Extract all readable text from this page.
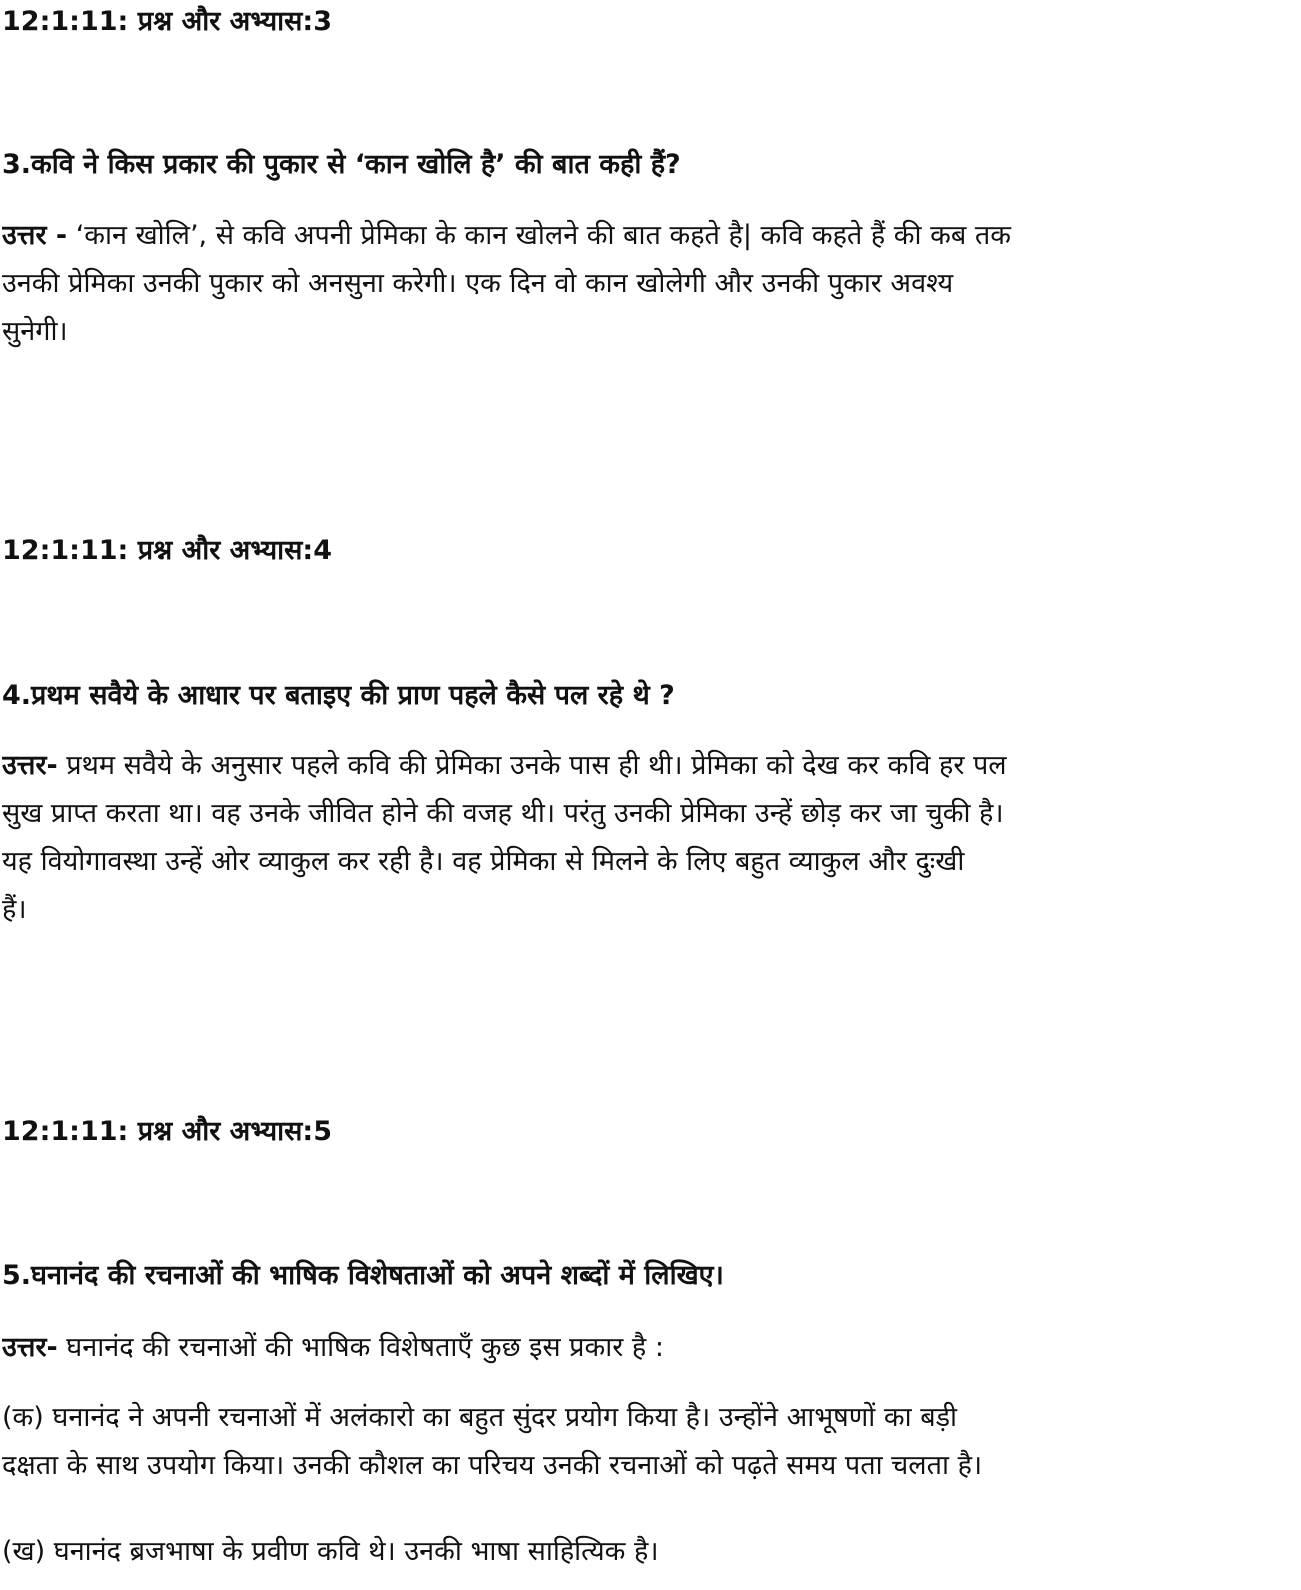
12:1:11: प्रश्न और अभ्यास:3

3.कवि ने किस प्रकार की पुकार से ‘कान खोलि है’ की बात कही हैं?

उत्तर - ‘कान खोलि’, से कवि अपनी प्रेमिका के कान खोलने की बात कहते है| कवि कहते हैं की कब तक
उनकी प्रेमिका उनकी पुकार को अनसुना करेगी। एक दिन वो कान खोलेगी और उनकी पुकार अवश्य
सुनेगी।
12:1:11: प्रश्न और अभ्यास:4

4.प्रथम सवैये के आधार पर बताइए की प्राण पहले कैसे पल रहे थे ?

उत्तर- प्रथम सवैये के अनुसार पहले कवि की प्रेमिका उनके पास ही थी। प्रेमिका को देख कर कवि हर पल
सुख प्राप्त करता था। वह उनके जीवित होने की वजह थी। परंतु उनकी प्रेमिका उन्हें छोड़ कर जा चुकी है।
यह वियोगावस्था उन्हें ओर व्याकुल कर रही है। वह प्रेमिका से मिलने के लिए बहुत व्याकुल और दुःखी
हैं।
12:1:11: प्रश्न और अभ्यास:5

5.घनानंद की रचनाओं की भाषिक विशेषताओं को अपने शब्दों में लिखिए।

उत्तर- घनानंद की रचनाओं की भाषिक विशेषताएँ कुछ इस प्रकार है :
(क) घनानंद ने अपनी रचनाओं में अलंकारो का बहुत सुंदर प्रयोग किया है। उन्होंने आभूषणों का बड़ी
दक्षता के साथ उपयोग किया। उनकी कौशल का परिचय उनकी रचनाओं को पढ़ते समय पता चलता है।
(ख) घनानंद ब्रजभाषा के प्रवीण कवि थे। उनकी भाषा साहित्यिक है।
